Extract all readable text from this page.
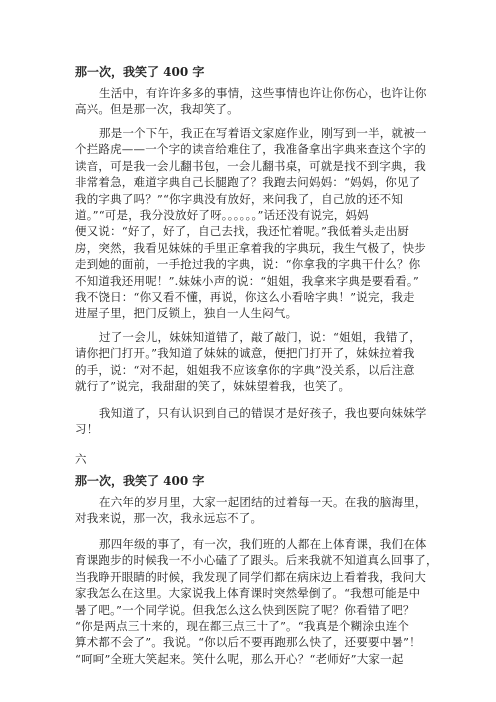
那一次，我笑了 400 字
生活中，有许许多多的事情，这些事情也许让你伤心，也许让你
高兴。但是那一次，我却笑了。
那是一个下午，我正在写着语文家庭作业，刚写到一半，就被一
个拦路虎——一个字的读音给难住了，我准备拿出字典来查这个字的
读音，可是我一会儿翻书包，一会儿翻书桌，可就是找不到字典，我
非常着急，难道字典自己长腿跑了？我跑去问妈妈：“妈妈，你见了
我的字典了吗？”“你字典没有放好，来问我了，自己放的还不知
道。”“可是，我分没放好了呀。。。。。。”话还没有说完，妈妈
便又说：“好了，好了，自己去找，我还忙着呢。”我低着头走出厨
房，突然，我看见妹妹的手里正拿着我的字典玩，我生气极了，快步
走到她的面前，一手抢过我的字典，说：“你拿我的字典干什么？你
不知道我还用呢！”.妹妹小声的说：“姐姐，我拿来字典是要看看。”
我不饶日：“你又看不懂，再说，你这么小看啥字典！”说完，我走
进屋子里，把门反锁上，独自一人生闷气。
过了一会儿，妹妹知道错了，敲了敲门，说：“姐姐，我错了，
请你把门打开。”我知道了妹妹的诚意，便把门打开了，妹妹拉着我
的手，说：“对不起，姐姐我不应该拿你的字典”没关系，以后注意
就行了”说完，我甜甜的笑了，妹妹望着我，也笑了。
我知道了，只有认识到自己的错误才是好孩子，我也要向妹妹学
习！
六
那一次，我笑了 400 字
在六年的岁月里，大家一起团结的过着每一天。在我的脑海里，
对我来说，那一次，我永远忘不了。
那四年级的事了，有一次，我们班的人都在上体育课，我们在体
育课跑步的时候我一不小心磕了了跟头。后来我就不知道真么回事了，
当我睁开眼睛的时候，我发现了同学们都在病床边上看着我，我问大
家我怎么在这里。大家说我上体育课时突然晕倒了。“我想可能是中
暑了吧。”一个同学说。但我怎么这么快到医院了呢？你看错了吧？
“你是两点三十来的，现在都三点三十了”。“我真是个糊涂虫连个
算术都不会了”。我说。“你以后不要再跑那么快了，还要要中暑”！
“呵呵”全班大笑起来。笑什么呢，那么开心？“老师好”大家一起
